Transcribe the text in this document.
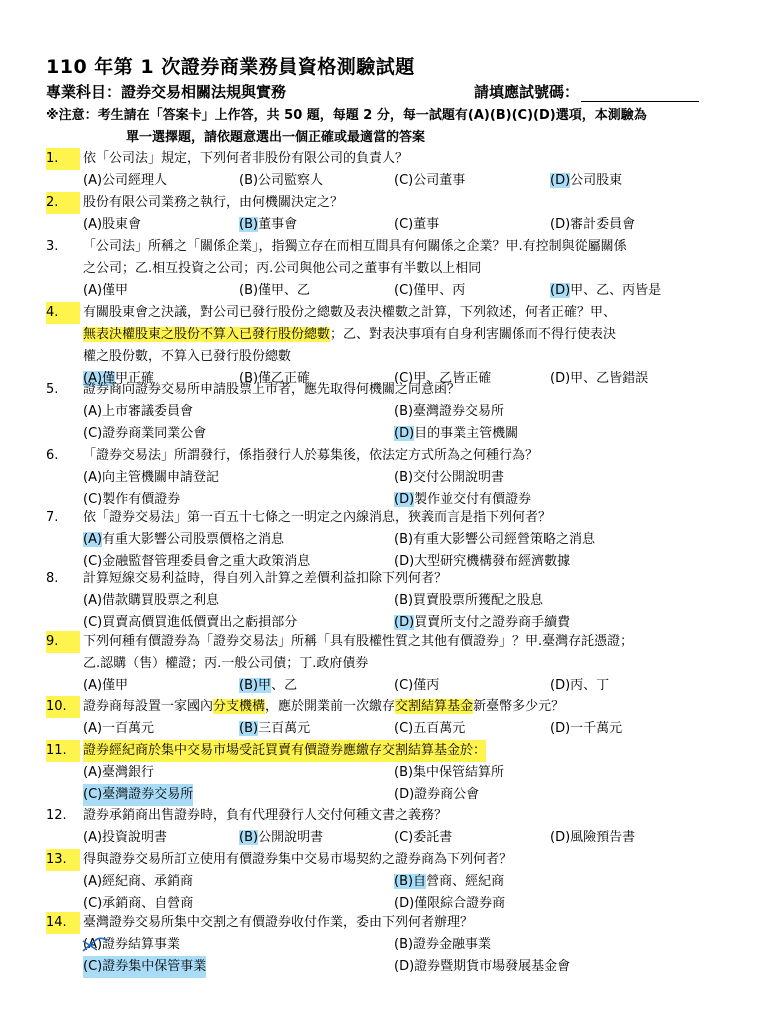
110 年第 1 次證券商業務員資格測驗試題
專業科目：證券交易相關法規與實務	請填應試號碼：
※注意：考生請在「答案卡」上作答，共 50 題，每題 2 分，每一試題有(A)(B)(C)(D)選項，本測驗為
單一選擇題，請依題意選出一個正確或最適當的答案
1.	依「公司法」規定，下列何者非股份有限公司的負責人？
(A)公司經理人	(B)公司監察人	(C)公司董事	(D)公司股東
2.	股份有限公司業務之執行，由何機關決定之？
(A)股東會	(B)董事會	(C)董事	(D)審計委員會
3.	「公司法」所稱之「關係企業」，指獨立存在而相互間具有何關係之企業？甲.有控制與從屬關係
之公司；乙.相互投資之公司；丙.公司與他公司之董事有半數以上相同
(A)僅甲	(B)僅甲、乙	(C)僅甲、丙	(D)甲、乙、丙皆是
4.	有關股東會之決議，對公司已發行股份之總數及表決權數之計算，下列敘述，何者正確？甲、
無表決權股東之股份不算入已發行股份總數；乙、對表決事項有自身利害關係而不得行使表決
權之股份數，不算入已發行股份總數
(A)僅甲正確	(B)僅乙正確	(C)甲、乙皆正確	(D)甲、乙皆錯誤
5.	證券商向證券交易所申請股票上市者，應先取得何機關之同意函？
(A)上市審議委員會	(B)臺灣證券交易所
(C)證券商業同業公會	(D)目的事業主管機關
6.	「證券交易法」所謂發行，係指發行人於募集後，依法定方式所為之何種行為？
(A)向主管機關申請登記	(B)交付公開說明書
(C)製作有價證券	(D)製作並交付有價證券
7.	依「證券交易法」第一百五十七條之一明定之內線消息，狹義而言是指下列何者？
(A)有重大影響公司股票價格之消息	(B)有重大影響公司經營策略之消息
(C)金融監督管理委員會之重大政策消息	(D)大型研究機構發布經濟數據
8.	計算短線交易利益時，得自列入計算之差價利益扣除下列何者？
(A)借款購買股票之利息	(B)買賣股票所獲配之股息
(C)買賣高價買進低價賣出之虧損部分	(D)買賣所支付之證券商手續費
9.	下列何種有價證券為「證券交易法」所稱「具有股權性質之其他有價證券」？甲.臺灣存託憑證；
乙.認購（售）權證；丙.一般公司債；丁.政府債券
(A)僅甲	(B)甲、乙	(C)僅丙	(D)丙、丁
10.	證券商每設置一家國內分支機構，應於開業前一次繳存交割結算基金新臺幣多少元？
(A)一百萬元	(B)三百萬元	(C)五百萬元	(D)一千萬元
11.	證券經紀商於集中交易市場受託買賣有價證券應繳存交割結算基金於：
(A)臺灣銀行	(B)集中保管結算所
(C)臺灣證券交易所	(D)證券商公會
12.	證券承銷商出售證券時，負有代理發行人交付何種文書之義務？
(A)投資說明書	(B)公開說明書	(C)委託書	(D)風險預告書
13.	得與證券交易所訂立使用有價證券集中交易市場契約之證券商為下列何者？
(A)經紀商、承銷商	(B)自營商、經紀商
(C)承銷商、自營商	(D)僅限綜合證券商
14.	臺灣證券交易所集中交割之有價證券收付作業，委由下列何者辦理？
(A)證券結算事業	(B)證券金融事業
(C)證券集中保管事業	(D)證券暨期貨市場發展基金會
